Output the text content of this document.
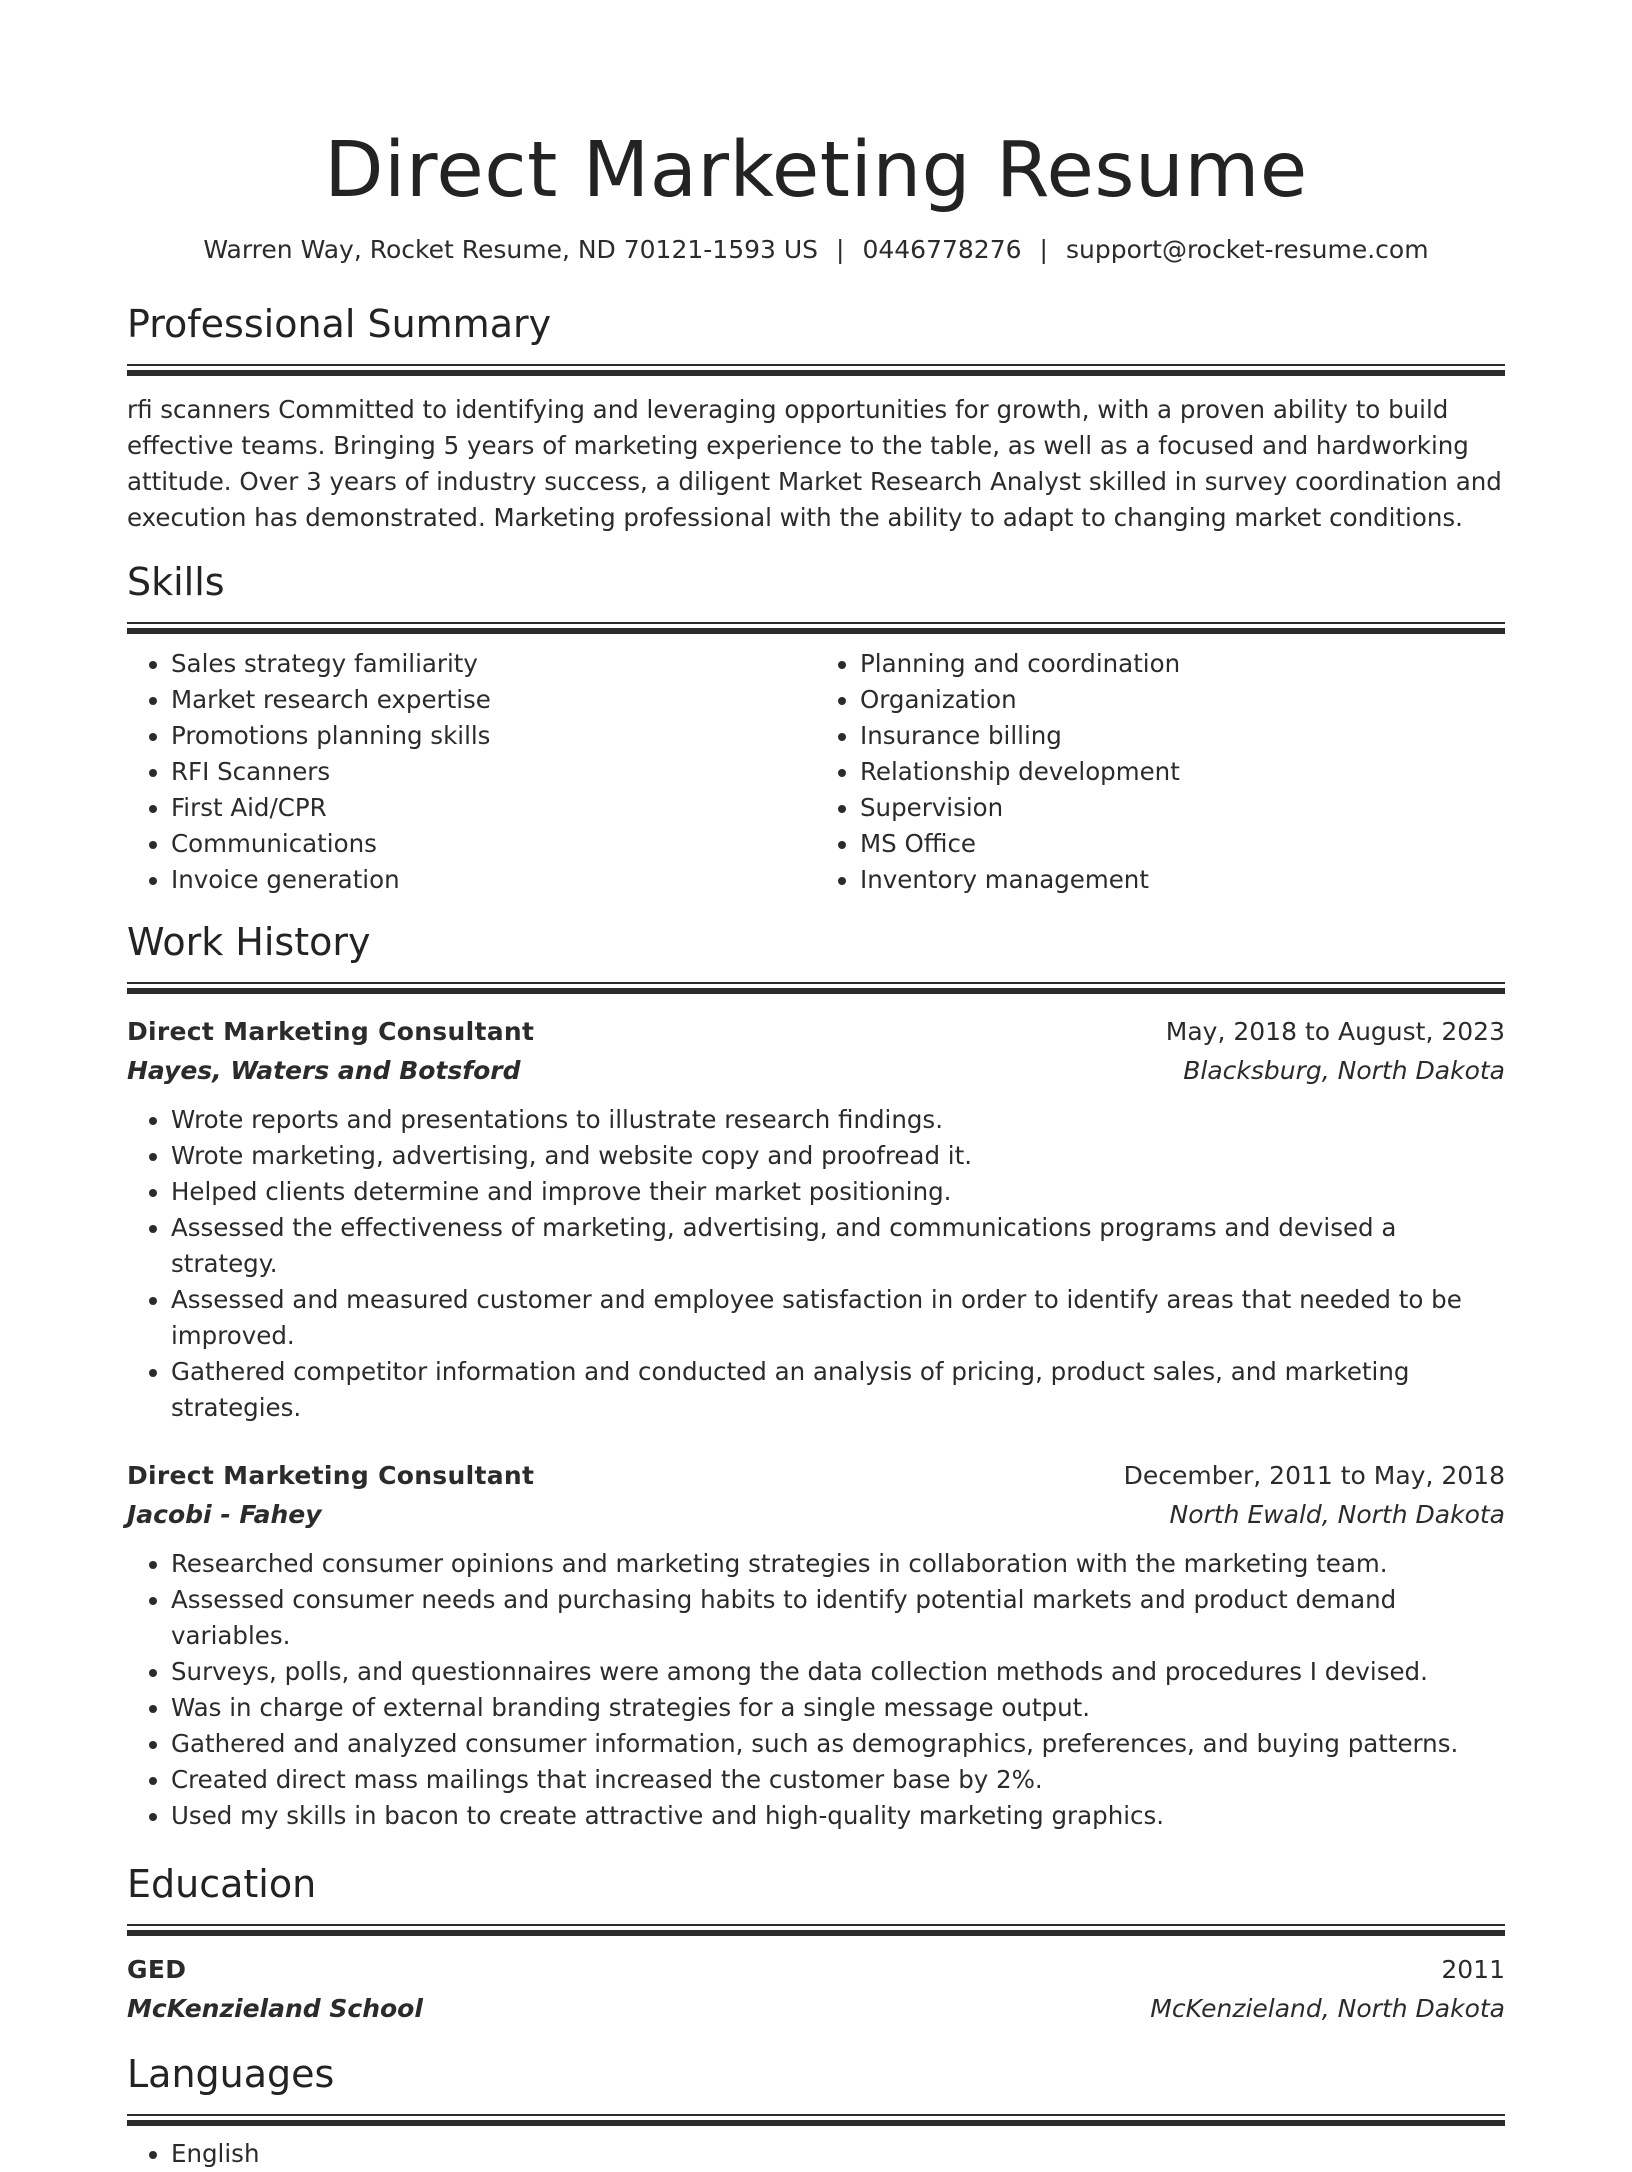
Direct Marketing Resume
Warren Way, Rocket Resume, ND 70121-1593 US | 0446778276 | support@rocket-resume.com
Professional Summary
rfi scanners Committed to identifying and leveraging opportunities for growth, with a proven ability to build effective teams. Bringing 5 years of marketing experience to the table, as well as a focused and hardworking attitude. Over 3 years of industry success, a diligent Market Research Analyst skilled in survey coordination and execution has demonstrated. Marketing professional with the ability to adapt to changing market conditions.
Skills
• Sales strategy familiarity
• Market research expertise
• Promotions planning skills
• RFI Scanners
• First Aid/CPR
• Communications
• Invoice generation
• Planning and coordination
• Organization
• Insurance billing
• Relationship development
• Supervision
• MS Office
• Inventory management
Work History
Direct Marketing Consultant	May, 2018 to August, 2023
Hayes, Waters and Botsford	Blacksburg, North Dakota
• Wrote reports and presentations to illustrate research findings.
• Wrote marketing, advertising, and website copy and proofread it.
• Helped clients determine and improve their market positioning.
• Assessed the effectiveness of marketing, advertising, and communications programs and devised a strategy.
• Assessed and measured customer and employee satisfaction in order to identify areas that needed to be improved.
• Gathered competitor information and conducted an analysis of pricing, product sales, and marketing strategies.
Direct Marketing Consultant	December, 2011 to May, 2018
Jacobi - Fahey	North Ewald, North Dakota
• Researched consumer opinions and marketing strategies in collaboration with the marketing team.
• Assessed consumer needs and purchasing habits to identify potential markets and product demand variables.
• Surveys, polls, and questionnaires were among the data collection methods and procedures I devised.
• Was in charge of external branding strategies for a single message output.
• Gathered and analyzed consumer information, such as demographics, preferences, and buying patterns.
• Created direct mass mailings that increased the customer base by 2%.
• Used my skills in bacon to create attractive and high-quality marketing graphics.
Education
GED	2011
McKenzieland School	McKenzieland, North Dakota
Languages
• English
